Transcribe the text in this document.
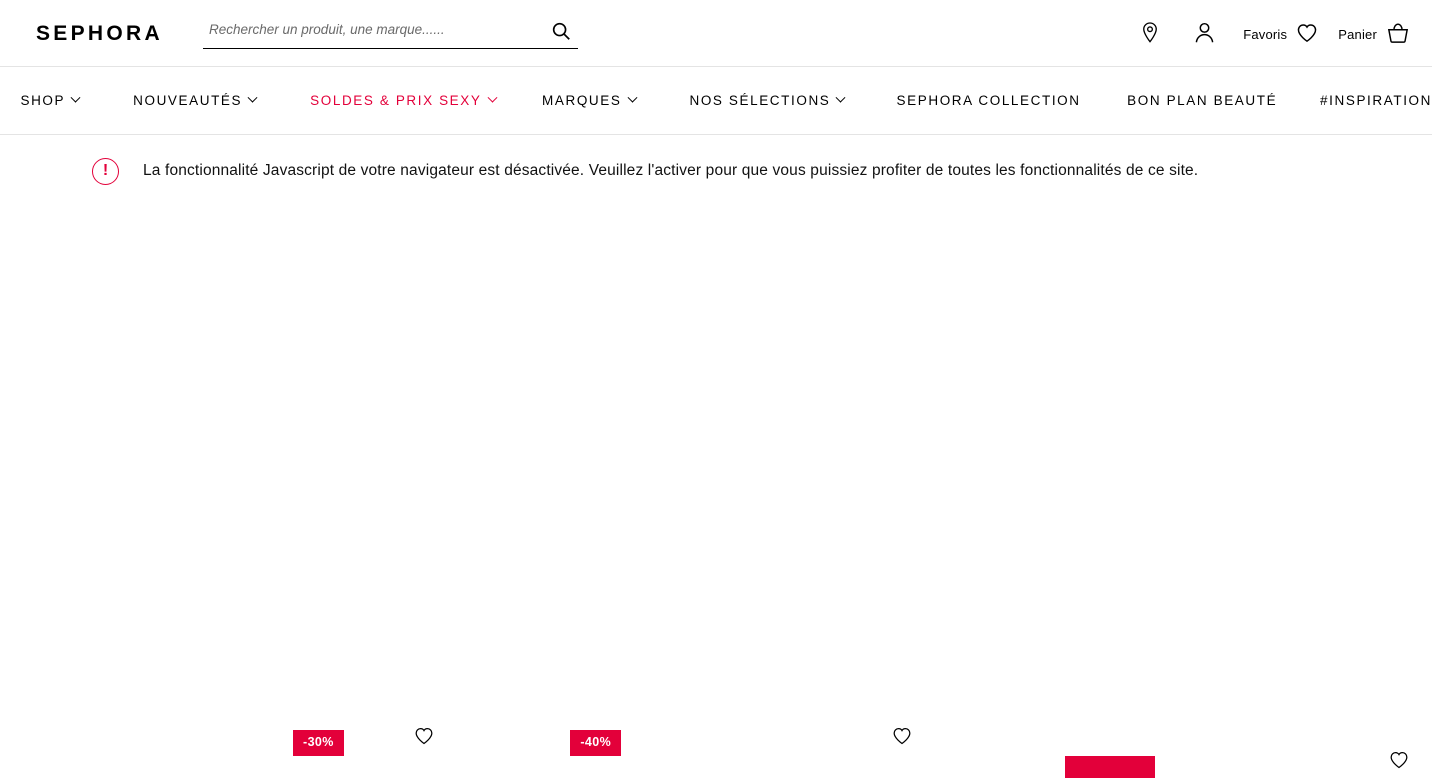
SEPHORA
Rechercher un produit, une marque......	Favoris	Panier
SHOP	NOUVEAUTÉS	SOLDES & PRIX SEXY	MARQUES	NOS SÉLECTIONS	SEPHORA COLLECTION	BON PLAN BEAUTÉ	#INSPIRATION
!	La fonctionnalité Javascript de votre navigateur est désactivée. Veuillez l'activer pour que vous puissiez profiter de toutes les fonctionnalités de ce site.
-30%	-40%
